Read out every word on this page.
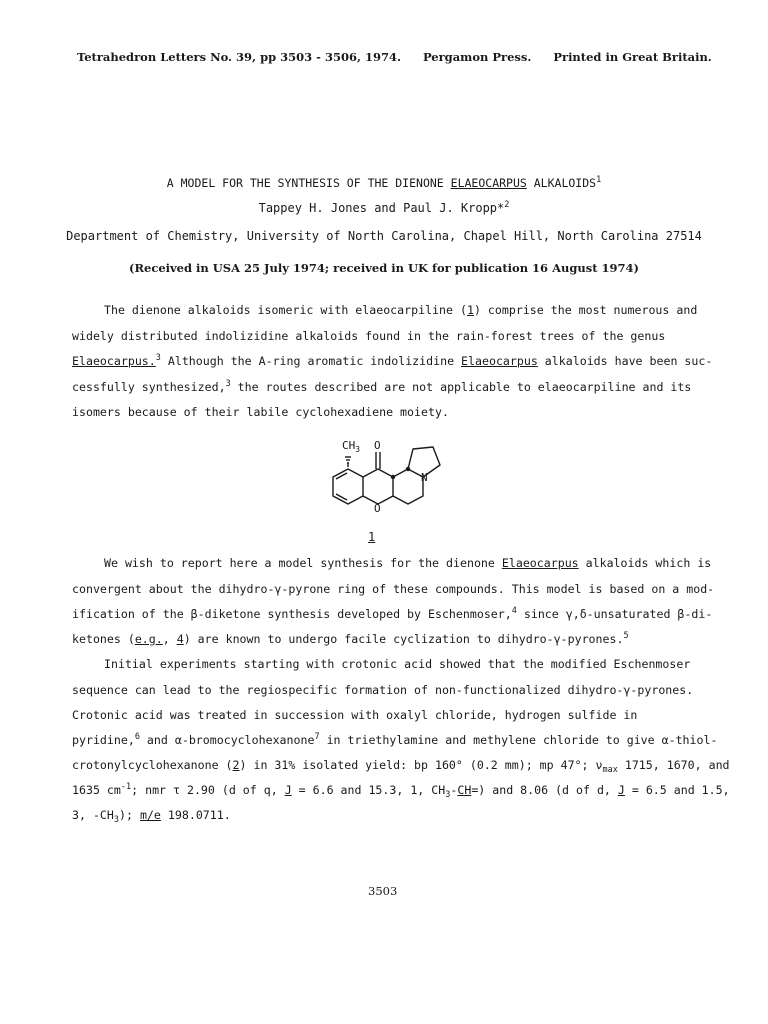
Tetrahedron Letters No. 39, pp 3503 - 3506, 1974. Pergamon Press. Printed in Great Britain.
A MODEL FOR THE SYNTHESIS OF THE DIENONE ELAEOCARPUS ALKALOIDS$^1$
Tappey H. Jones and Paul J. Kropp*$^2$
Department of Chemistry, University of North Carolina, Chapel Hill, North Carolina 27514
(Received in USA 25 July 1974; received in UK for publication 16 August 1974)
The dienone alkaloids isomeric with elaeocarpiline (1) comprise the most numerous and
widely distributed indolizidine alkaloids found in the rain-forest trees of the genus
Elaeocarpus.$^3$ Although the A-ring aromatic indolizidine Elaeocarpus alkaloids have been suc-
cessfully synthesized,$^3$ the routes described are not applicable to elaeocarpiline and its
isomers because of their labile cyclohexadiene moiety.
$CH_3$ O
O
N
1
We wish to report here a model synthesis for the dienone Elaeocarpus alkaloids which is
convergent about the dihydro-γ-pyrone ring of these compounds. This model is based on a mod-
ification of the β-diketone synthesis developed by Eschenmoser,$^4$ since γ,δ-unsaturated β-di-
ketones (e.g., 4) are known to undergo facile cyclization to dihydro-γ-pyrones.$^5$
Initial experiments starting with crotonic acid showed that the modified Eschenmoser
sequence can lead to the regiospecific formation of non-functionalized dihydro-γ-pyrones.
Crotonic acid was treated in succession with oxalyl chloride, hydrogen sulfide in
pyridine,$^6$ and α-bromocyclohexanone$^7$ in triethylamine and methylene chloride to give α-thiol-
crotonylcyclohexanone (2) in 31% isolated yield: bp 160° (0.2 mm); mp 47°; $\nu_{max}$ 1715, 1670, and
1635 $cm^{-1}$; nmr τ 2.90 (d of q, J = 6.6 and 15.3, 1, $CH_3-CH=$) and 8.06 (d of d, J = 6.5 and 1.5,
3, $-CH_3$); m/e 198.0711.
3503
